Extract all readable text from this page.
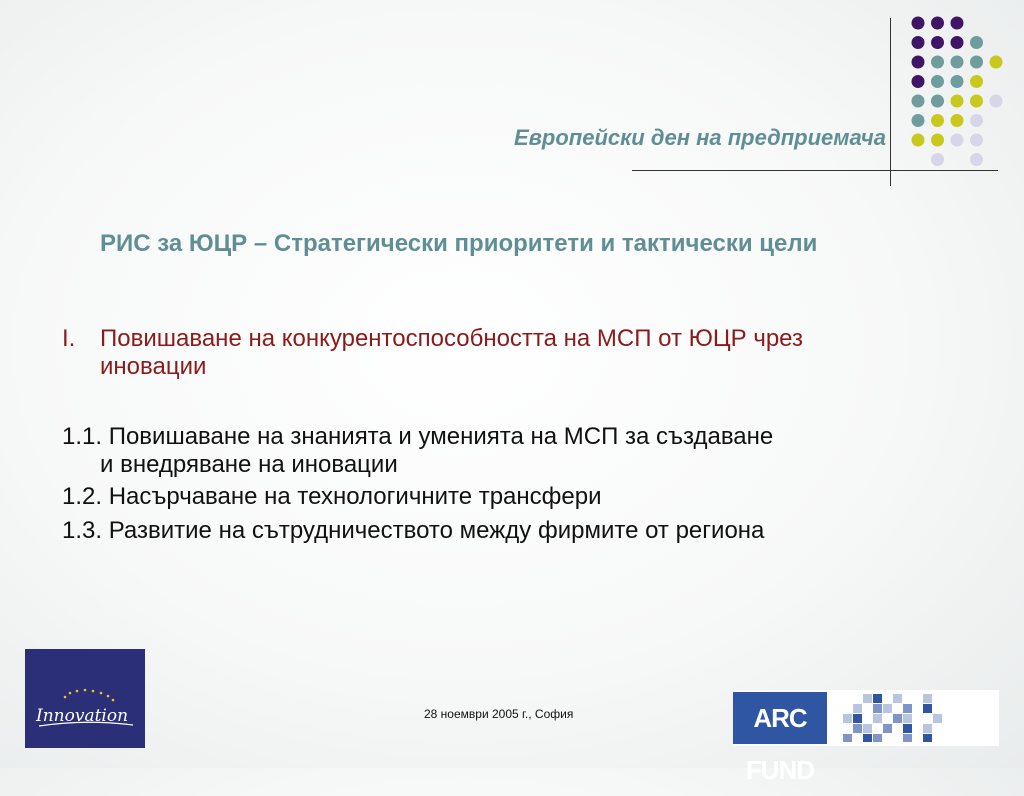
Европейски ден на предприемача
РИС за ЮЦР – Стратегически приоритети и тактически цели
I.	Повишаване на конкурентоспособността на МСП от ЮЦР чрез иновации
1.1. Повишаване на знанията и уменията на МСП за създаване
и внедряване на иновации
1.2. Насърчаване на технологичните трансфери
1.3. Развитие на сътрудничеството между фирмите от региона
Innovation	28 ноември 2005 г., София	ARC FUND
